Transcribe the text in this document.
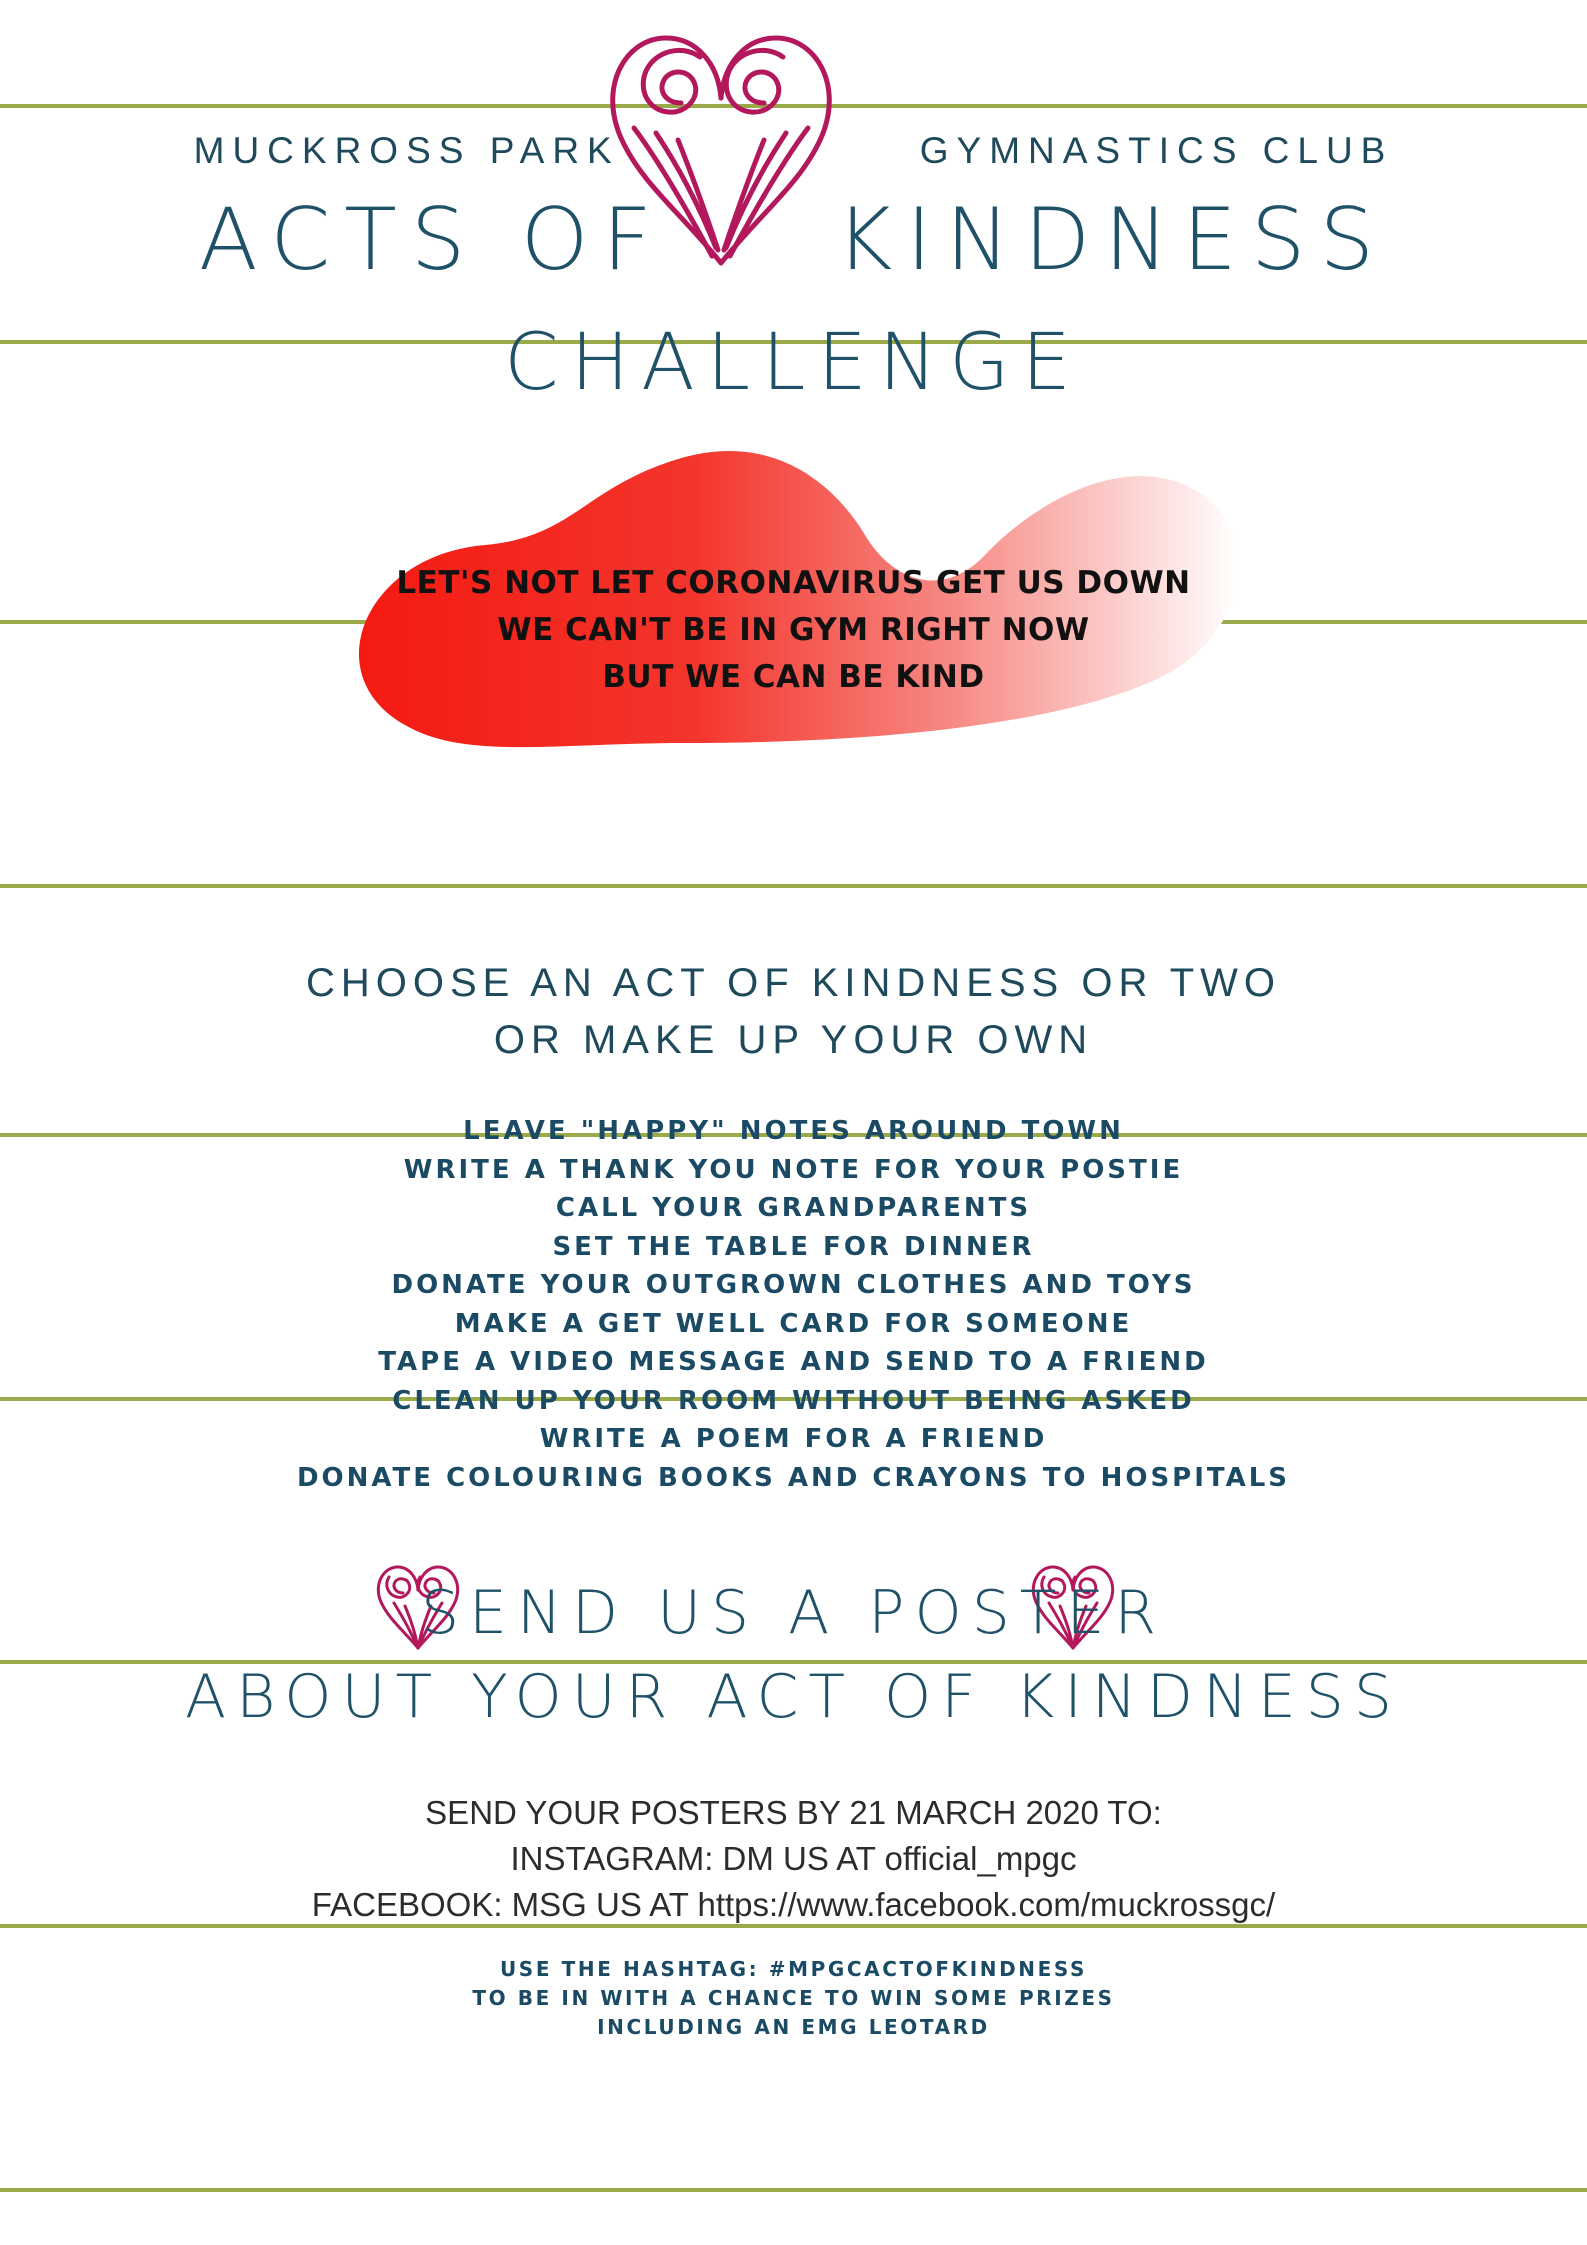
MUCKROSS PARK	GYMNASTICS CLUB
ACTS OF KINDNESS
CHALLENGE
LET'S NOT LET CORONAVIRUS GET US DOWN
WE CAN'T BE IN GYM RIGHT NOW
BUT WE CAN BE KIND
CHOOSE AN ACT OF KINDNESS OR TWO
OR MAKE UP YOUR OWN
LEAVE "HAPPY" NOTES AROUND TOWN
WRITE A THANK YOU NOTE FOR YOUR POSTIE
CALL YOUR GRANDPARENTS
SET THE TABLE FOR DINNER
DONATE YOUR OUTGROWN CLOTHES AND TOYS
MAKE A GET WELL CARD FOR SOMEONE
TAPE A VIDEO MESSAGE AND SEND TO A FRIEND
CLEAN UP YOUR ROOM WITHOUT BEING ASKED
WRITE A POEM FOR A FRIEND
DONATE COLOURING BOOKS AND CRAYONS TO HOSPITALS
SEND US A POSTER
ABOUT YOUR ACT OF KINDNESS
SEND YOUR POSTERS BY 21 MARCH 2020 TO:
INSTAGRAM: DM US AT official_mpgc
FACEBOOK: MSG US AT https://www.facebook.com/muckrossgc/
USE THE HASHTAG: #MPGCACTOFKINDNESS
TO BE IN WITH A CHANCE TO WIN SOME PRIZES
INCLUDING AN EMG LEOTARD
